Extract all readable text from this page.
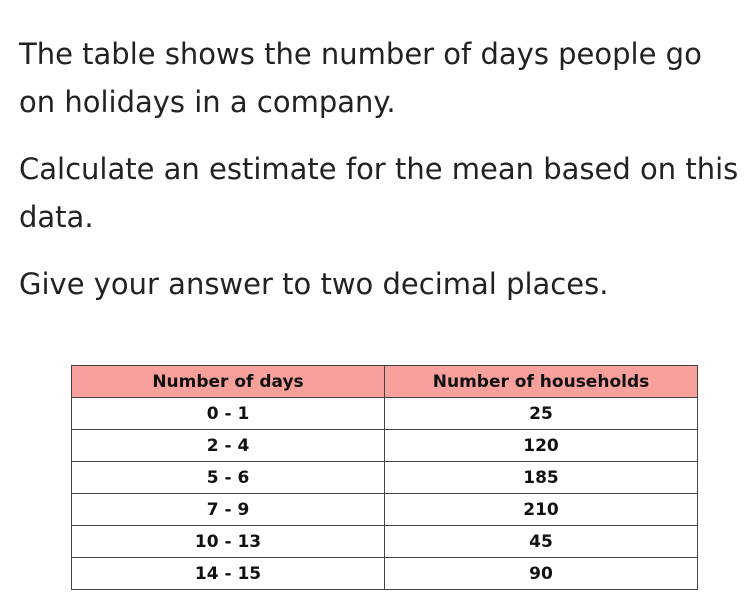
The table shows the number of days people go on holidays in a company.

Calculate an estimate for the mean based on this data.

Give your answer to two decimal places.

Number of days	Number of households
0 - 1	25
2 - 4	120
5 - 6	185
7 - 9	210
10 - 13	45
14 - 15	90
